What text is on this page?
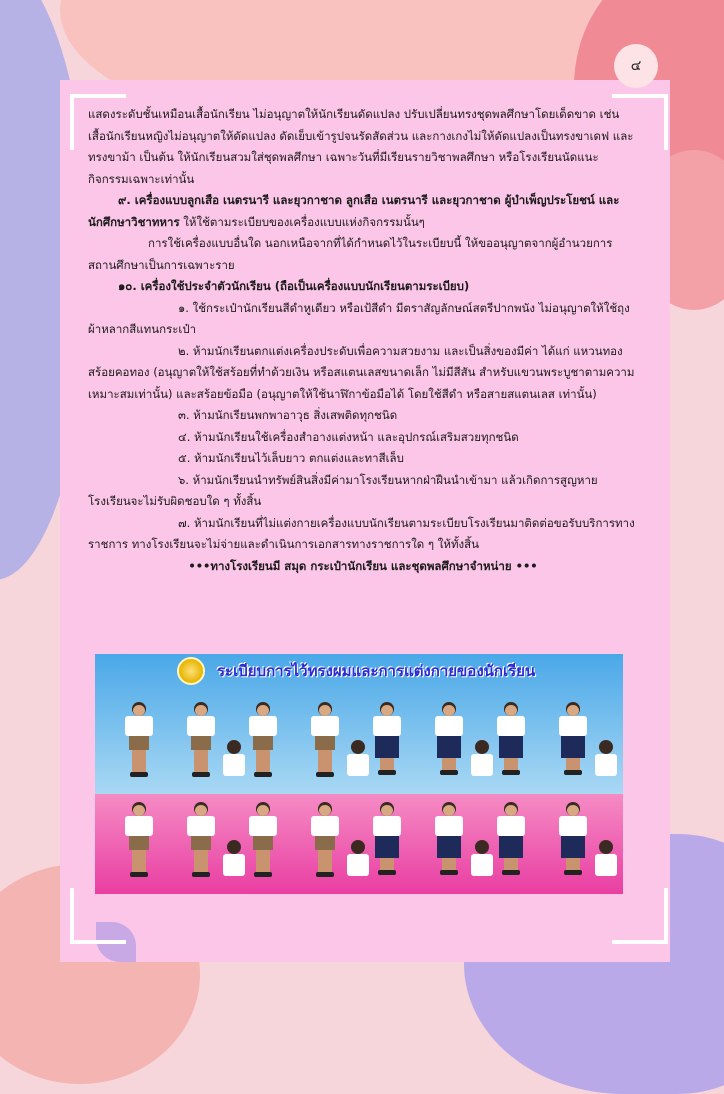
๔

แสดงระดับชั้นเหมือนเสื้อนักเรียน ไม่อนุญาตให้นักเรียนดัดแปลง ปรับเปลี่ยนทรงชุดพลศึกษาโดยเด็ดขาด เช่น เสื้อนักเรียนหญิงไม่อนุญาตให้ดัดแปลง ดัดเย็บเข้ารูปจนรัดสัดส่วน และกางเกงไม่ให้ดัดแปลงเป็นทรงขาเดฟ และทรงขาม้า เป็นต้น ให้นักเรียนสวมใส่ชุดพลศึกษา เฉพาะวันที่มีเรียนรายวิชาพลศึกษา หรือโรงเรียนนัดแนะกิจกรรมเฉพาะเท่านั้น

๙. เครื่องแบบลูกเสือ เนตรนารี และยุวกาชาด ลูกเสือ เนตรนารี และยุวกาชาด ผู้บำเพ็ญประโยชน์ และนักศึกษาวิชาทหาร ให้ใช้ตามระเบียบของเครื่องแบบแห่งกิจกรรมนั้นๆ

การใช้เครื่องแบบอื่นใด นอกเหนือจากที่ได้กำหนดไว้ในระเบียบนี้ ให้ขออนุญาตจากผู้อำนวยการสถานศึกษาเป็นการเฉพาะราย

๑๐. เครื่องใช้ประจำตัวนักเรียน (ถือเป็นเครื่องแบบนักเรียนตามระเบียบ)

๑. ใช้กระเป๋านักเรียนสีดำหูเดียว หรือเป้สีดำ มีตราสัญลักษณ์สตรีปากพนัง ไม่อนุญาตให้ใช้ถุงผ้าหลากสีแทนกระเป๋า

๒. ห้ามนักเรียนตกแต่งเครื่องประดับเพื่อความสวยงาม และเป็นสิ่งของมีค่า ได้แก่ แหวนทอง สร้อยคอทอง (อนุญาตให้ใช้สร้อยที่ทำด้วยเงิน หรือสแตนเลสขนาดเล็ก ไม่มีสีสัน สำหรับแขวนพระบูชาตามความเหมาะสมเท่านั้น) และสร้อยข้อมือ (อนุญาตให้ใช้นาฬิกาข้อมือได้ โดยใช้สีดำ หรือสายสแตนเลส เท่านั้น)

๓. ห้ามนักเรียนพกพาอาวุธ สิ่งเสพติดทุกชนิด

๔. ห้ามนักเรียนใช้เครื่องสำอางแต่งหน้า และอุปกรณ์เสริมสวยทุกชนิด

๕. ห้ามนักเรียนไว้เล็บยาว ตกแต่งและทาสีเล็บ

๖. ห้ามนักเรียนนำทรัพย์สินสิ่งมีค่ามาโรงเรียนหากฝ่าฝืนนำเข้ามา แล้วเกิดการสูญหาย โรงเรียนจะไม่รับผิดชอบใด ๆ ทั้งสิ้น

๗. ห้ามนักเรียนที่ไม่แต่งกายเครื่องแบบนักเรียนตามระเบียบโรงเรียนมาติดต่อขอรับบริการทางราชการ ทางโรงเรียนจะไม่จ่ายและดำเนินการเอกสารทางราชการใด ๆ ให้ทั้งสิ้น

•••ทางโรงเรียนมี สมุด กระเป๋านักเรียน และชุดพลศึกษาจำหน่าย •••

ระเบียบการไว้ทรงผมและการแต่งกายของนักเรียน
